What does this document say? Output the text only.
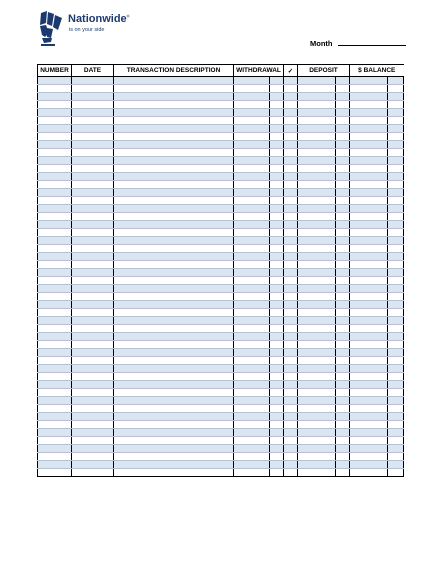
Nationwide®
is on your side
Month
NUMBER	DATE	TRANSACTION DESCRIPTION	WITHDRAWAL		✓	DEPOSIT		$ BALANCE	
